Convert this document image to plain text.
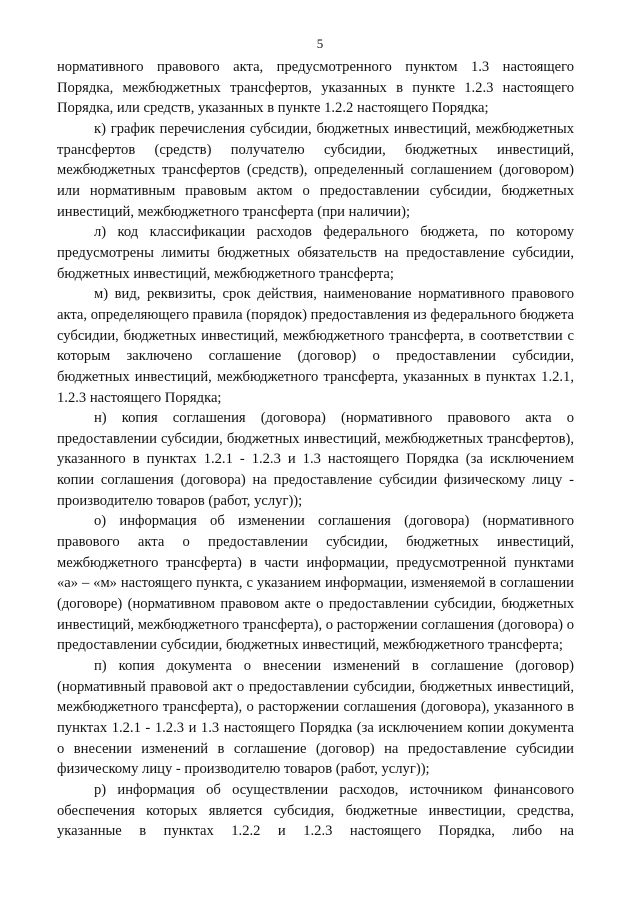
5

нормативного правового акта, предусмотренного пунктом 1.3 настоящего Порядка, межбюджетных трансфертов, указанных в пункте 1.2.3 настоящего Порядка, или средств, указанных в пункте 1.2.2 настоящего Порядка;

к) график перечисления субсидии, бюджетных инвестиций, межбюджетных трансфертов (средств) получателю субсидии, бюджетных инвестиций, межбюджетных трансфертов (средств), определенный соглашением (договором) или нормативным правовым актом о предоставлении субсидии, бюджетных инвестиций, межбюджетного трансферта (при наличии);

л) код классификации расходов федерального бюджета, по которому предусмотрены лимиты бюджетных обязательств на предоставление субсидии, бюджетных инвестиций, межбюджетного трансферта;

м) вид, реквизиты, срок действия, наименование нормативного правового акта, определяющего правила (порядок) предоставления из федерального бюджета субсидии, бюджетных инвестиций, межбюджетного трансферта, в соответствии с которым заключено соглашение (договор) о предоставлении субсидии, бюджетных инвестиций, межбюджетного трансферта, указанных в пунктах 1.2.1, 1.2.3 настоящего Порядка;

н) копия соглашения (договора) (нормативного правового акта о предоставлении субсидии, бюджетных инвестиций, межбюджетных трансфертов), указанного в пунктах 1.2.1 - 1.2.3 и 1.3 настоящего Порядка (за исключением копии соглашения (договора) на предоставление субсидии физическому лицу - производителю товаров (работ, услуг));

о) информация об изменении соглашения (договора) (нормативного правового акта о предоставлении субсидии, бюджетных инвестиций, межбюджетного трансферта) в части информации, предусмотренной пунктами «а» – «м» настоящего пункта, с указанием информации, изменяемой в соглашении (договоре) (нормативном правовом акте о предоставлении субсидии, бюджетных инвестиций, межбюджетного трансферта), о расторжении соглашения (договора) о предоставлении субсидии, бюджетных инвестиций, межбюджетного трансферта;

п) копия документа о внесении изменений в соглашение (договор) (нормативный правовой акт о предоставлении субсидии, бюджетных инвестиций, межбюджетного трансферта), о расторжении соглашения (договора), указанного в пунктах 1.2.1 - 1.2.3 и 1.3 настоящего Порядка (за исключением копии документа о внесении изменений в соглашение (договор) на предоставление субсидии физическому лицу - производителю товаров (работ, услуг));

р) информация об осуществлении расходов, источником финансового обеспечения которых является субсидия, бюджетные инвестиции, средства, указанные в пунктах 1.2.2 и 1.2.3 настоящего Порядка, либо на
